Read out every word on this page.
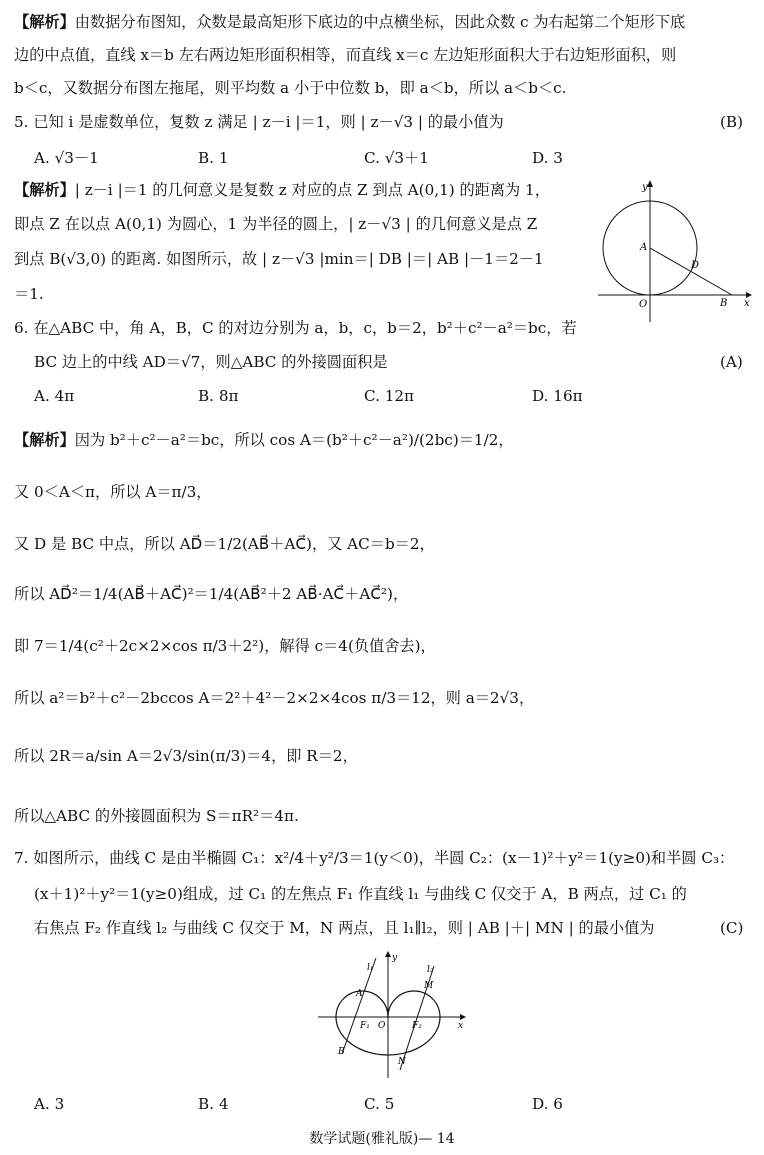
【解析】由数据分布图知，众数是最高矩形下底边的中点横坐标，因此众数 c 为右起第二个矩形下底
边的中点值，直线 x＝b 左右两边矩形面积相等，而直线 x＝c 左边矩形面积大于右边矩形面积，则
b＜c，又数据分布图左拖尾，则平均数 a 小于中位数 b，即 a＜b，所以 a＜b＜c.
5. 已知 i 是虚数单位，复数 z 满足 | z－i |＝1，则 | z－√3 | 的最小值为	(B)
A. √3－1	B. 1	C. √3＋1	D. 3
【解析】| z－i |＝1 的几何意义是复数 z 对应的点 Z 到点 A(0,1) 的距离为 1，
即点 Z 在以点 A(0,1) 为圆心，1 为半径的圆上，| z－√3 | 的几何意义是点 Z
到点 B(√3,0) 的距离. 如图所示，故 | z－√3 |min＝| DB |＝| AB |－1＝2－1
＝1.
y
x
O
A
B
D
6. 在△ABC 中，角 A，B，C 的对边分别为 a，b，c，b＝2，b²＋c²－a²＝bc，若
BC 边上的中线 AD＝√7，则△ABC 的外接圆面积是	(A)
A. 4π	B. 8π	C. 12π	D. 16π
【解析】因为 b²＋c²－a²＝bc，所以 cos A＝(b²＋c²－a²)/(2bc)＝1/2，
又 0＜A＜π，所以 A＝π/3，
又 D 是 BC 中点，所以 AD⃗＝1/2(AB⃗＋AC⃗)，又 AC＝b＝2，
所以 AD⃗²＝1/4(AB⃗＋AC⃗)²＝1/4(AB⃗²＋2 AB⃗·AC⃗＋AC⃗²)，
即 7＝1/4(c²＋2c×2×cos π/3＋2²)，解得 c＝4(负值舍去)，
所以 a²＝b²＋c²－2bccos A＝2²＋4²－2×2×4cos π/3＝12，则 a＝2√3，
所以 2R＝a/sin A＝2√3/sin(π/3)＝4，即 R＝2，
所以△ABC 的外接圆面积为 S＝πR²＝4π.
7. 如图所示，曲线 C 是由半椭圆 C₁：x²/4＋y²/3＝1(y＜0)，半圆 C₂：(x－1)²＋y²＝1(y≥0)和半圆 C₃：
(x＋1)²＋y²＝1(y≥0)组成，过 C₁ 的左焦点 F₁ 作直线 l₁ 与曲线 C 仅交于 A，B 两点，过 C₁ 的
右焦点 F₂ 作直线 l₂ 与曲线 C 仅交于 M，N 两点，且 l₁∥l₂，则 | AB |＋| MN | 的最小值为	(C)
y
x
O
l₁	l₂
A
B
M
N
F₁	F₂
A. 3	B. 4	C. 5	D. 6
数学试题(雅礼版)— 14
